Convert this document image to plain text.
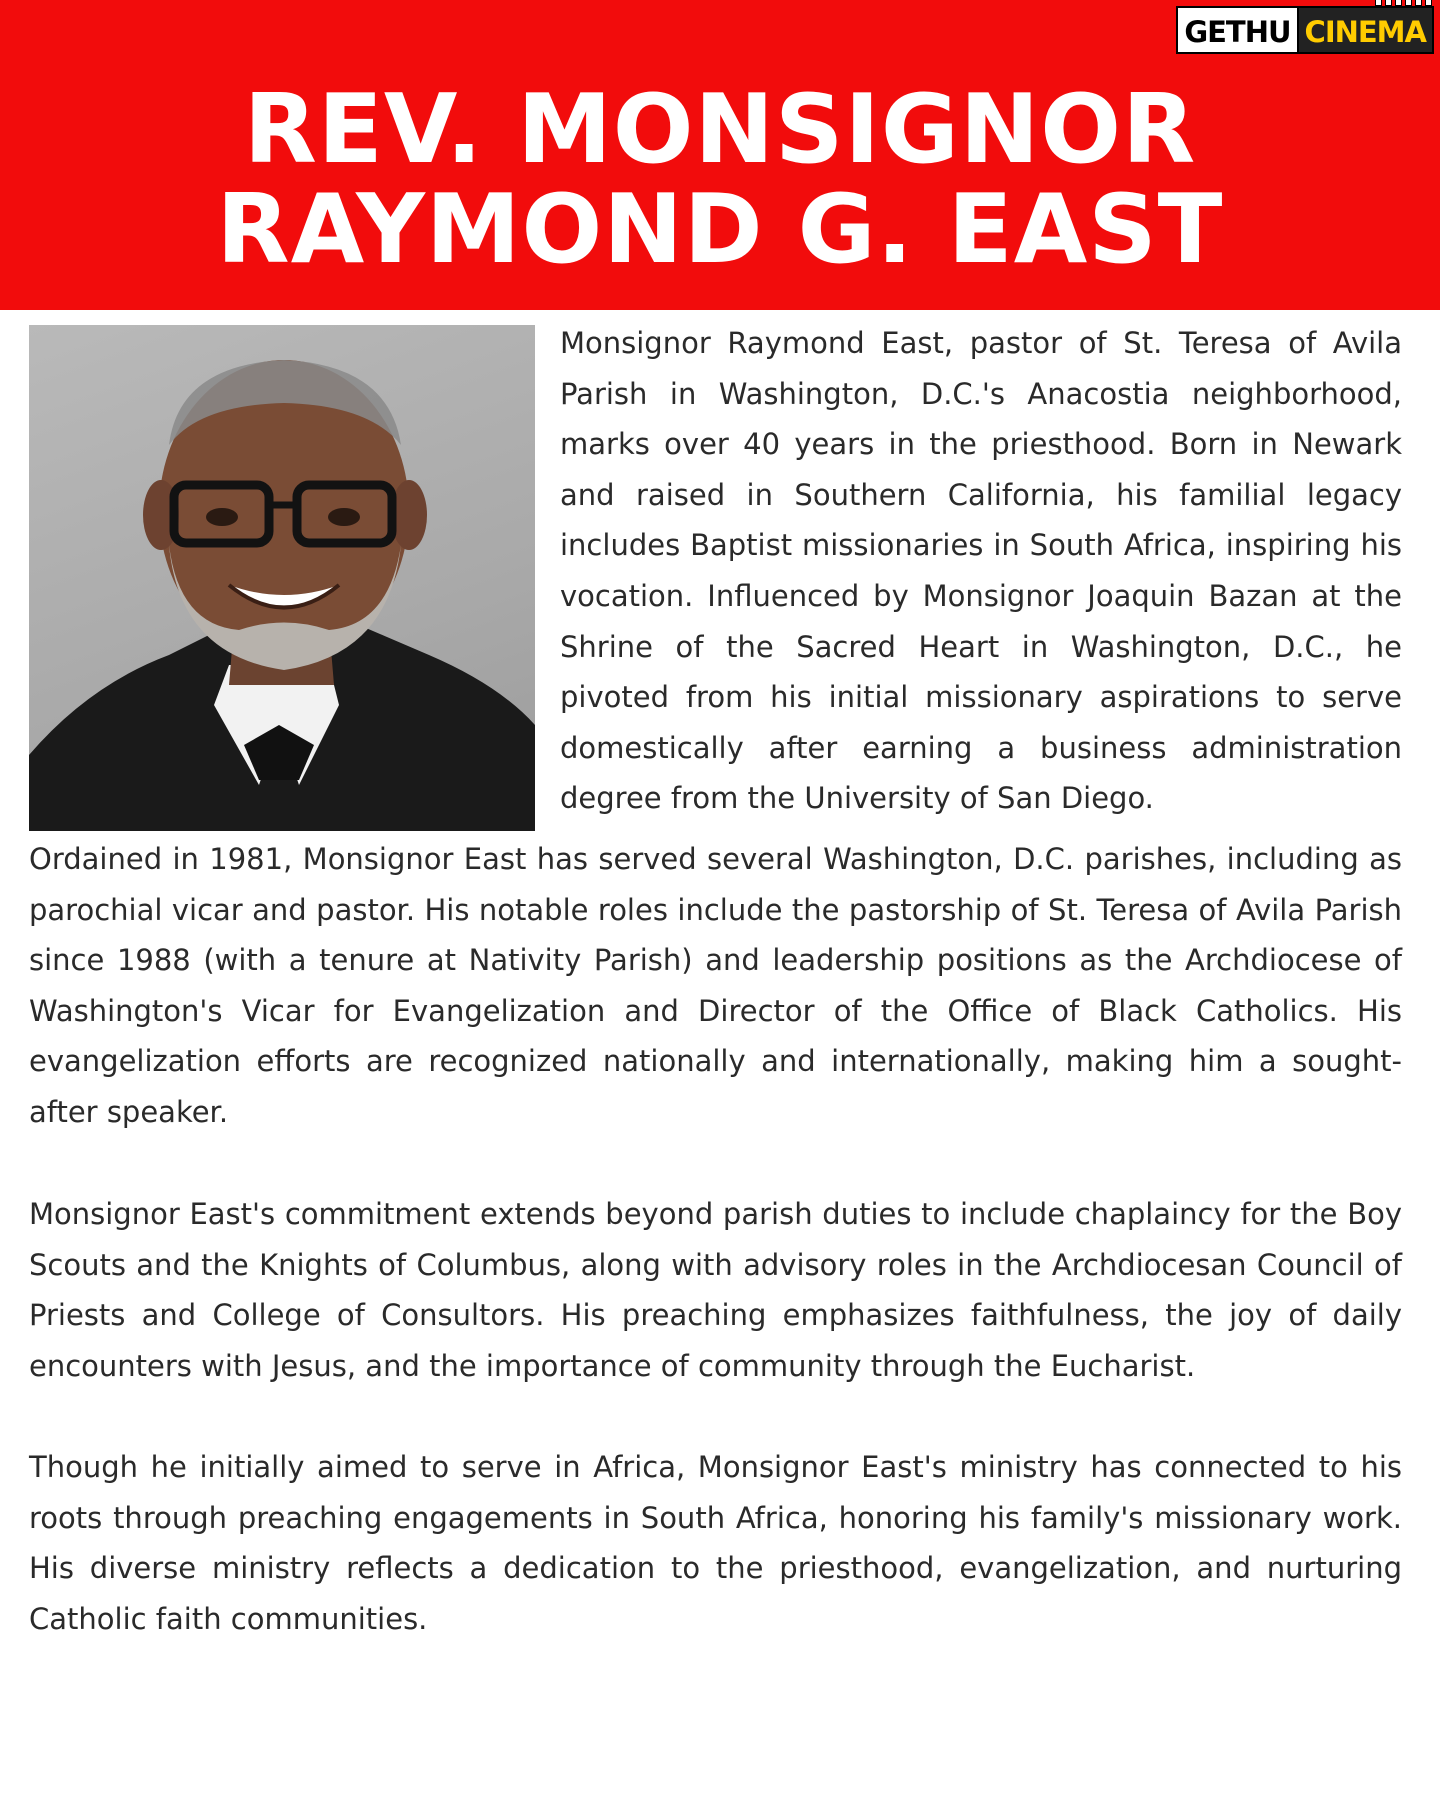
GETHU CINEMA
REV. MONSIGNOR
RAYMOND G. EAST

Monsignor Raymond East, pastor of St. Teresa of Avila Parish in Washington, D.C.'s Anacostia neighborhood, marks over 40 years in the priesthood. Born in Newark and raised in Southern California, his familial legacy includes Baptist missionaries in South Africa, inspiring his vocation. Influenced by Monsignor Joaquin Bazan at the Shrine of the Sacred Heart in Washington, D.C., he pivoted from his initial missionary aspirations to serve domestically after earning a business administration degree from the University of San Diego.

Ordained in 1981, Monsignor East has served several Washington, D.C. parishes, including as parochial vicar and pastor. His notable roles include the pastorship of St. Teresa of Avila Parish since 1988 (with a tenure at Nativity Parish) and leadership positions as the Archdiocese of Washington's Vicar for Evangelization and Director of the Office of Black Catholics. His evangelization efforts are recognized nationally and internationally, making him a sought-after speaker.

Monsignor East's commitment extends beyond parish duties to include chaplaincy for the Boy Scouts and the Knights of Columbus, along with advisory roles in the Archdiocesan Council of Priests and College of Consultors. His preaching emphasizes faithfulness, the joy of daily encounters with Jesus, and the importance of community through the Eucharist.

Though he initially aimed to serve in Africa, Monsignor East's ministry has connected to his roots through preaching engagements in South Africa, honoring his family's missionary work. His diverse ministry reflects a dedication to the priesthood, evangelization, and nurturing Catholic faith communities.
